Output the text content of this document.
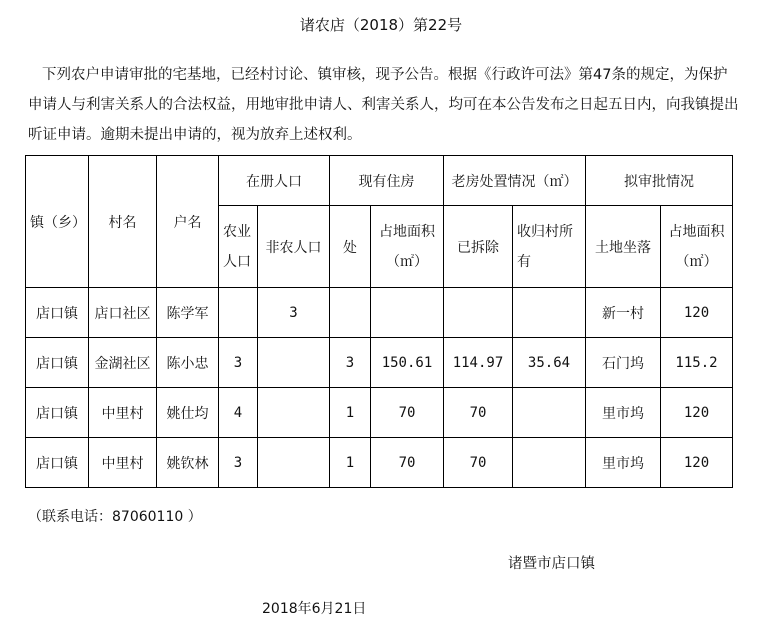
诸农店（2018）第22号

下列农户申请审批的宅基地，已经村讨论、镇审核，现予公告。根据《行政许可法》第47条的规定，为保护申请人与利害关系人的合法权益，用地审批申请人、利害关系人，均可在本公告发布之日起五日内，向我镇提出听证申请。逾期未提出申请的，视为放弃上述权利。

镇（乡）	村名	户名	在册人口		现有住房		老房处置情况（㎡）		拟审批情况	
			农业人口	非农人口	处	占地面积（㎡）	已拆除	收归村所有	土地坐落	占地面积（㎡）
店口镇	店口社区	陈学军		3					新一村	120
店口镇	金湖社区	陈小忠	3		3	150.61	114.97	35.64	石门坞	115.2
店口镇	中里村	姚仕均	4		1	70	70		里市坞	120
店口镇	中里村	姚钦林	3		1	70	70		里市坞	120
（联系电话：87060110 ）
诸暨市店口镇
2018年6月21日
